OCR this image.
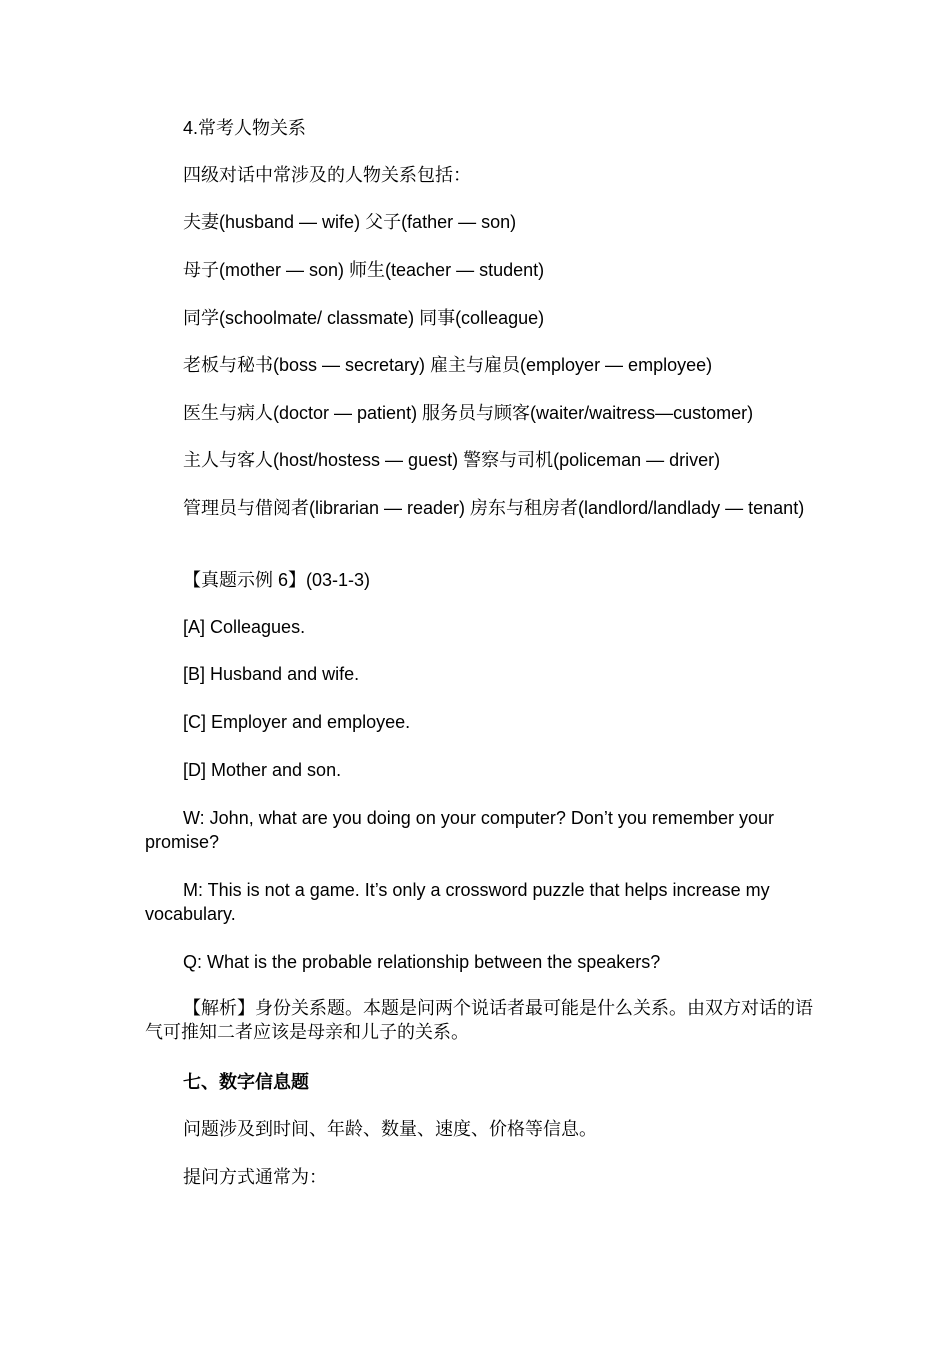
4.常考人物关系
四级对话中常涉及的人物关系包括：
夫妻(husband — wife) 父子(father — son)
母子(mother — son) 师生(teacher — student)
同学(schoolmate/ classmate) 同事(colleague)
老板与秘书(boss — secretary) 雇主与雇员(employer — employee)
医生与病人(doctor — patient) 服务员与顾客(waiter/waitress—customer)
主人与客人(host/hostess — guest) 警察与司机(policeman — driver)
管理员与借阅者(librarian — reader) 房东与租房者(landlord/landlady — tenant)
【真题示例 6】(03-1-3)
[A] Colleagues.
[B] Husband and wife.
[C] Employer and employee.
[D] Mother and son.
W: John, what are you doing on your computer? Don’t you remember your promise?
M: This is not a game. It’s only a crossword puzzle that helps increase my vocabulary.
Q: What is the probable relationship between the speakers?
【解析】身份关系题。本题是问两个说话者最可能是什么关系。由双方对话的语气可推知二者应该是母亲和儿子的关系。
七、数字信息题
问题涉及到时间、年龄、数量、速度、价格等信息。
提问方式通常为：
